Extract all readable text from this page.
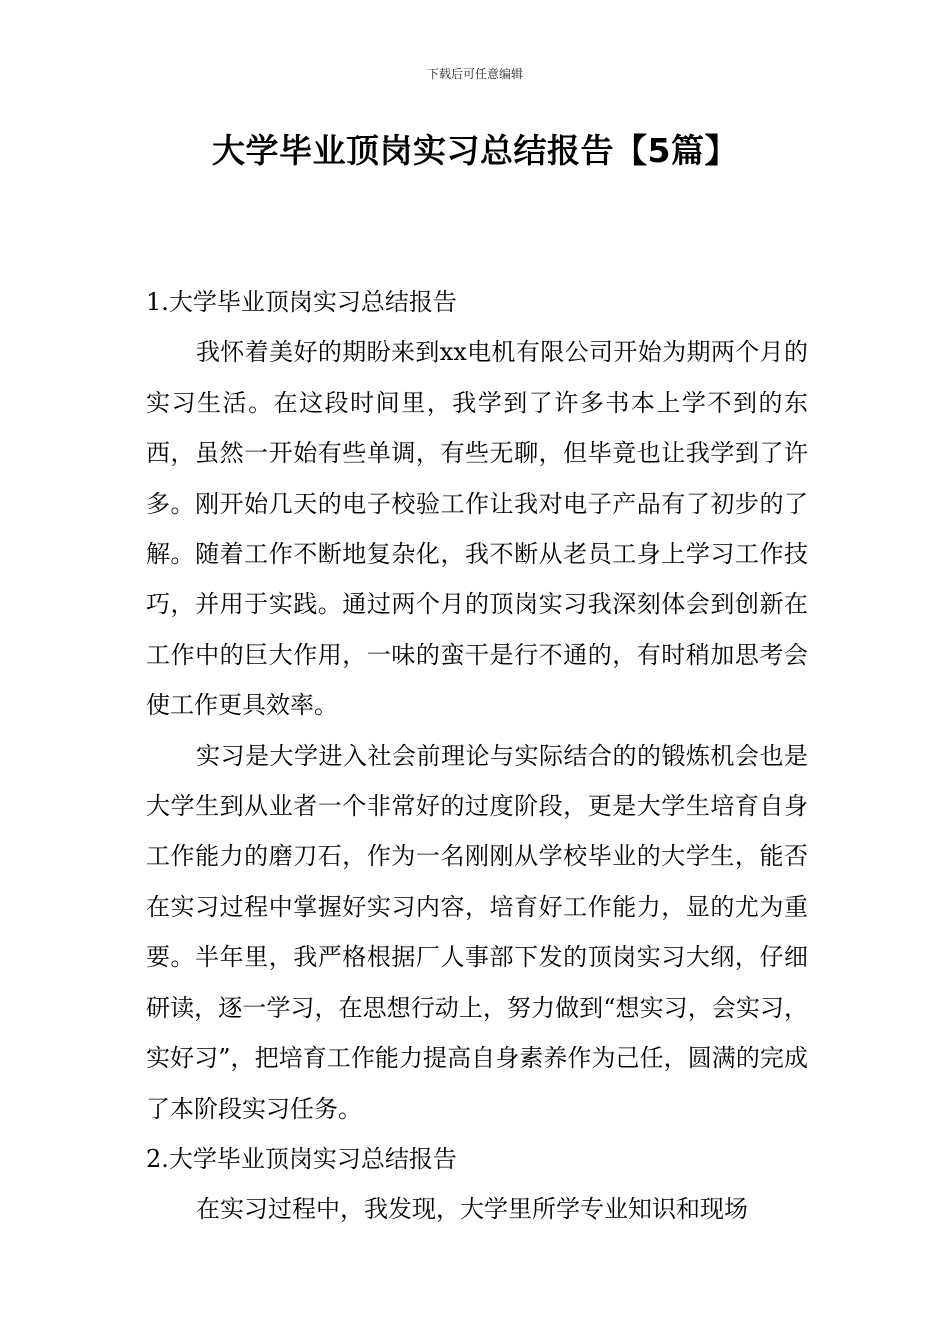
下载后可任意编辑
大学毕业顶岗实习总结报告【5篇】

1.大学毕业顶岗实习总结报告

我怀着美好的期盼来到xx电机有限公司开始为期两个月的实习生活。在这段时间里，我学到了许多书本上学不到的东西，虽然一开始有些单调，有些无聊，但毕竟也让我学到了许多。刚开始几天的电子校验工作让我对电子产品有了初步的了解。随着工作不断地复杂化，我不断从老员工身上学习工作技巧，并用于实践。通过两个月的顶岗实习我深刻体会到创新在工作中的巨大作用，一味的蛮干是行不通的，有时稍加思考会使工作更具效率。

实习是大学进入社会前理论与实际结合的的锻炼机会也是大学生到从业者一个非常好的过度阶段，更是大学生培育自身工作能力的磨刀石，作为一名刚刚从学校毕业的大学生，能否在实习过程中掌握好实习内容，培育好工作能力，显的尤为重要。半年里，我严格根据厂人事部下发的顶岗实习大纲，仔细研读，逐一学习，在思想行动上，努力做到“想实习，会实习，实好习”，把培育工作能力提高自身素养作为己任，圆满的完成了本阶段实习任务。

2.大学毕业顶岗实习总结报告

在实习过程中，我发现，大学里所学专业知识和现场
